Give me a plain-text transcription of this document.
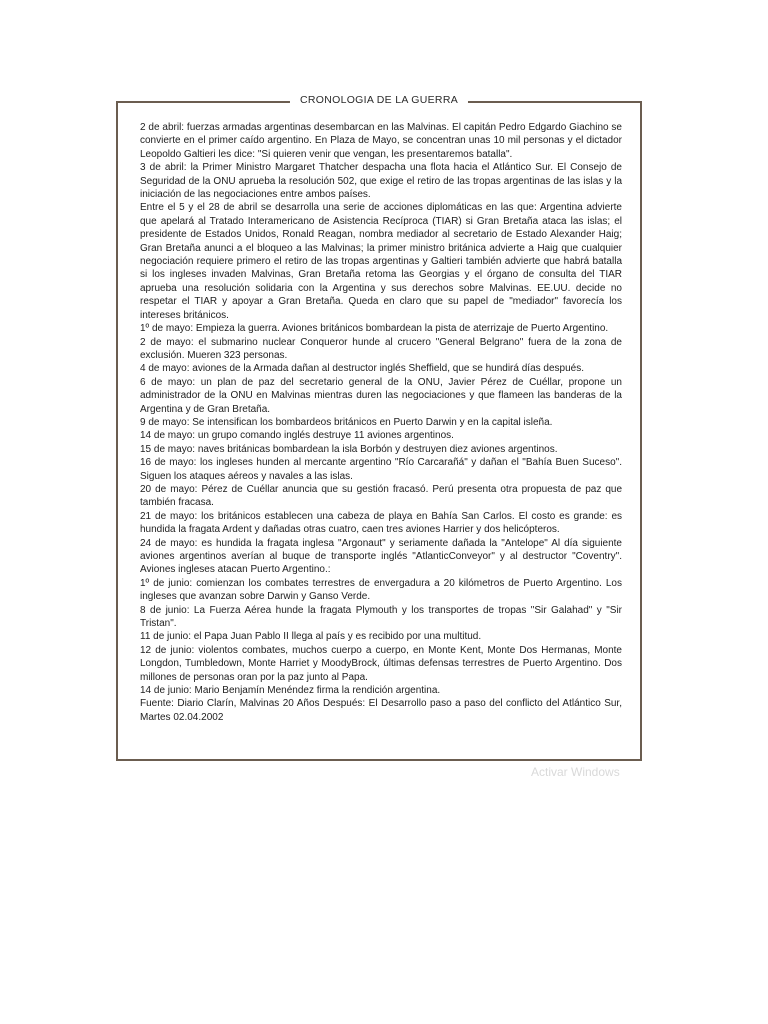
CRONOLOGIA DE LA GUERRA

2 de abril: fuerzas armadas argentinas desembarcan en las Malvinas. El capitán Pedro Edgardo Giachino se convierte en el primer caído argentino. En Plaza de Mayo, se concentran unas 10 mil personas y el dictador Leopoldo Galtieri les dice: "Si quieren venir que vengan, les presentaremos batalla".

3 de abril: la Primer Ministro Margaret Thatcher despacha una flota hacia el Atlántico Sur. El Consejo de Seguridad de la ONU aprueba la resolución 502, que exige el retiro de las tropas argentinas de las islas y la iniciación de las negociaciones entre ambos países.

Entre el 5 y el 28 de abril se desarrolla una serie de acciones diplomáticas en las que: Argentina advierte que apelará al Tratado Interamericano de Asistencia Recíproca (TIAR) si Gran Bretaña ataca las islas; el presidente de Estados Unidos, Ronald Reagan, nombra mediador al secretario de Estado Alexander Haig; Gran Bretaña anunci a el bloqueo a las Malvinas; la primer ministro británica advierte a Haig que cualquier negociación requiere primero el retiro de las tropas argentinas y Galtieri también advierte que habrá batalla si los ingleses invaden Malvinas, Gran Bretaña retoma las Georgias y el órgano de consulta del TIAR aprueba una resolución solidaria con la Argentina y sus derechos sobre Malvinas. EE.UU. decide no respetar el TIAR y apoyar a Gran Bretaña. Queda en claro que su papel de "mediador" favorecía los intereses británicos.

1º de mayo: Empieza la guerra. Aviones británicos bombardean la pista de aterrizaje de Puerto Argentino.

2 de mayo: el submarino nuclear Conqueror hunde al crucero "General Belgrano" fuera de la zona de exclusión. Mueren 323 personas.

4 de mayo: aviones de la Armada dañan al destructor inglés Sheffield, que se hundirá días después.

6 de mayo: un plan de paz del secretario general de la ONU, Javier Pérez de Cuéllar, propone un administrador de la ONU en Malvinas mientras duren las negociaciones y que flameen las banderas de la Argentina y de Gran Bretaña.

9 de mayo: Se intensifican los bombardeos británicos en Puerto Darwin y en la capital isleña.

14 de mayo: un grupo comando inglés destruye 11 aviones argentinos.

15 de mayo: naves británicas bombardean la isla Borbón y destruyen diez aviones argentinos.

16 de mayo: los ingleses hunden al mercante argentino "Río Carcarañá" y dañan el "Bahía Buen Suceso". Siguen los ataques aéreos y navales a las islas.

20 de mayo: Pérez de Cuéllar anuncia que su gestión fracasó. Perú presenta otra propuesta de paz que también fracasa.

21 de mayo: los británicos establecen una cabeza de playa en Bahía San Carlos. El costo es grande: es hundida la fragata Ardent y dañadas otras cuatro, caen tres aviones Harrier y dos helicópteros.

24 de mayo: es hundida la fragata inglesa "Argonaut" y seriamente dañada la "Antelope" Al día siguiente aviones argentinos averían al buque de transporte inglés "AtlanticConveyor" y al destructor "Coventry". Aviones ingleses atacan Puerto Argentino.:

1º de junio: comienzan los combates terrestres de envergadura a 20 kilómetros de Puerto Argentino. Los ingleses que avanzan sobre Darwin y Ganso Verde.

8 de junio: La Fuerza Aérea hunde la fragata Plymouth y los transportes de tropas "Sir Galahad" y "Sir Tristan".

11 de junio: el Papa Juan Pablo II llega al país y es recibido por una multitud.

12 de junio: violentos combates, muchos cuerpo a cuerpo, en Monte Kent, Monte Dos Hermanas, Monte Longdon, Tumbledown, Monte Harriet y MoodyBrock, últimas defensas terrestres de Puerto Argentino. Dos millones de personas oran por la paz junto al Papa.

14 de junio: Mario Benjamín Menéndez firma la rendición argentina.

Fuente: Diario Clarín, Malvinas 20 Años Después: El Desarrollo paso a paso del conflicto del Atlántico Sur, Martes 02.04.2002

Activar Windows
